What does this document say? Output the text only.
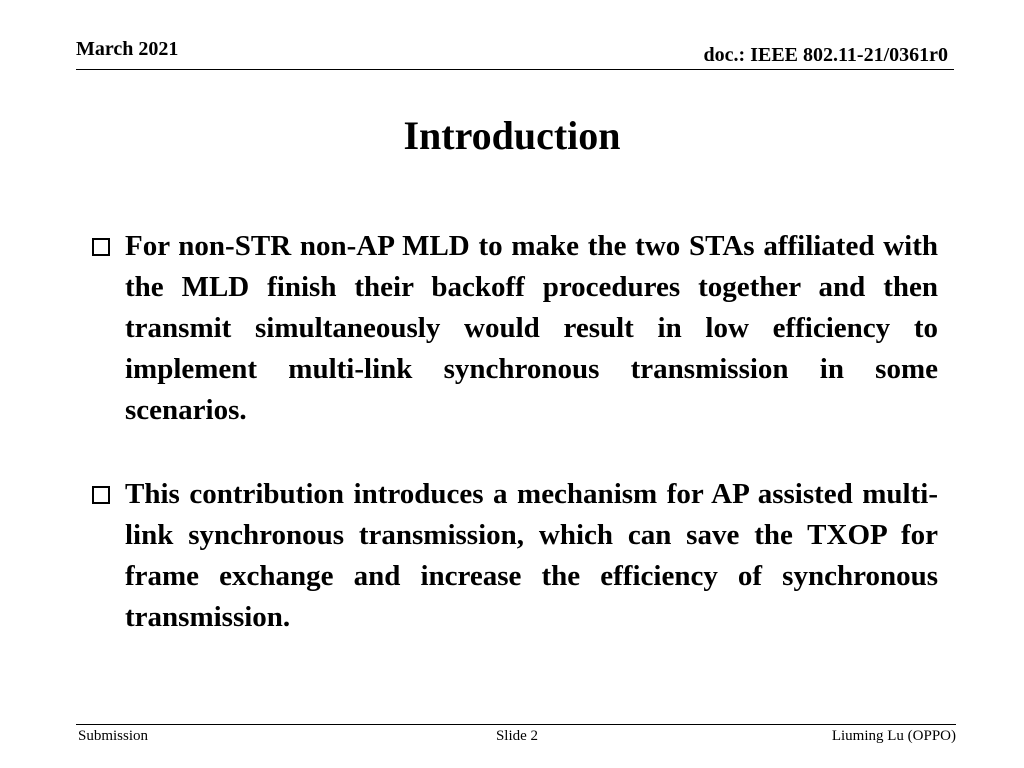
March 2021	doc.: IEEE 802.11-21/0361r0
Introduction
For non-STR non-AP MLD to make the two STAs affiliated with the MLD finish their backoff procedures together and then transmit simultaneously would result in low efficiency to implement multi-link synchronous transmission in some scenarios.
This contribution introduces a mechanism for AP assisted multi-link synchronous transmission, which can save the TXOP for frame exchange and increase the efficiency of synchronous transmission.
Submission	Slide 2	Liuming Lu (OPPO)
